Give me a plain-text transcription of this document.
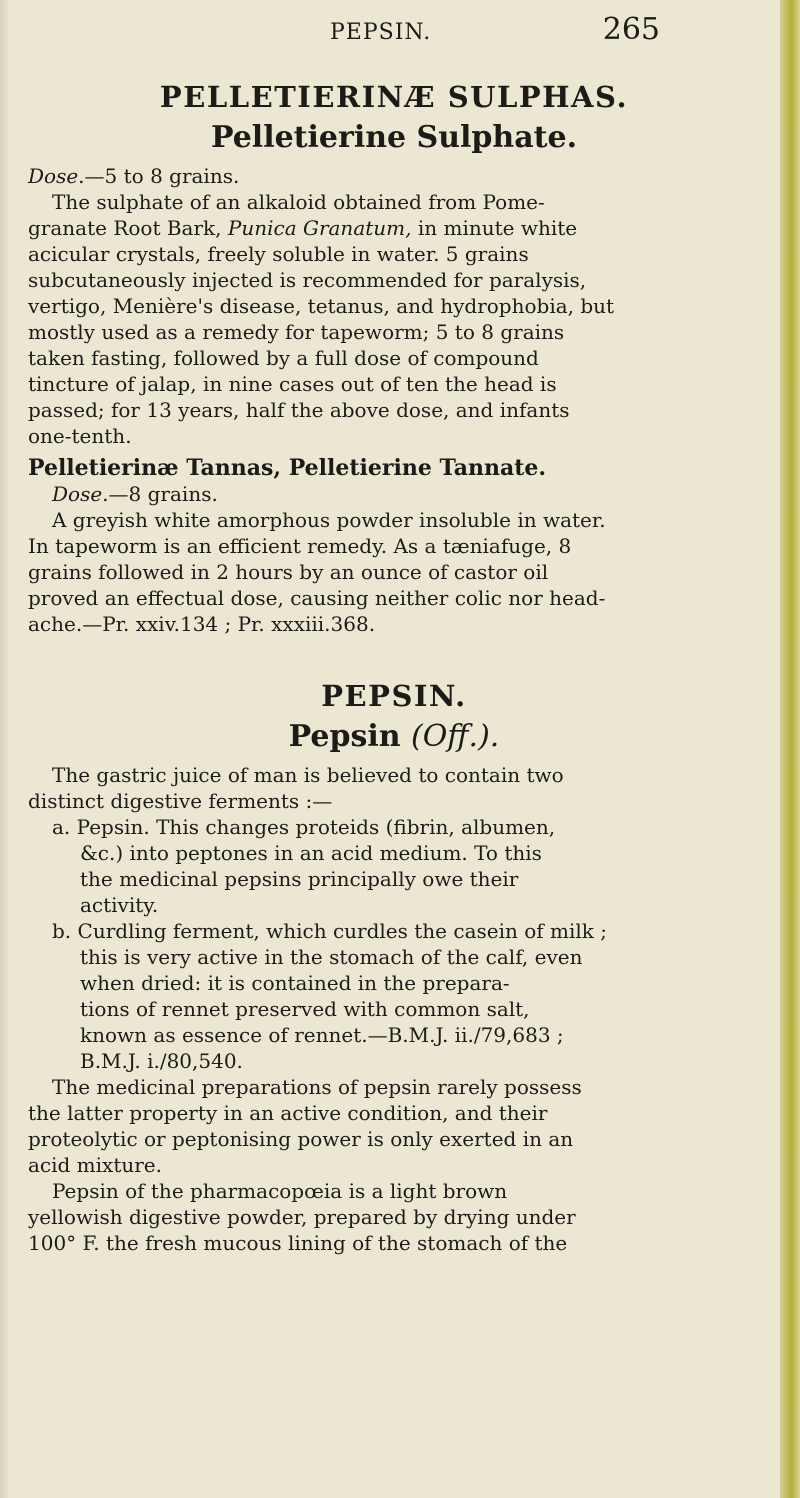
PEPSIN.	265
PELLETIERINÆ SULPHAS.
Pelletierine Sulphate.

Dose.—5 to 8 grains.

The sulphate of an alkaloid obtained from Pome-

granate Root Bark, Punica Granatum, in minute white

acicular crystals, freely soluble in water. 5 grains

subcutaneously injected is recommended for paralysis,

vertigo, Menière's disease, tetanus, and hydrophobia, but

mostly used as a remedy for tapeworm; 5 to 8 grains

taken fasting, followed by a full dose of compound

tincture of jalap, in nine cases out of ten the head is

passed; for 13 years, half the above dose, and infants

one-tenth.

Pelletierinæ Tannas, Pelletierine Tannate.

Dose.—8 grains.

A greyish white amorphous powder insoluble in water.

In tapeworm is an efficient remedy. As a tæniafuge, 8

grains followed in 2 hours by an ounce of castor oil

proved an effectual dose, causing neither colic nor head-

ache.—Pr. xxiv.134 ; Pr. xxxiii.368.

PEPSIN.
Pepsin (Off.).

The gastric juice of man is believed to contain two

distinct digestive ferments :—

a. Pepsin. This changes proteids (fibrin, albumen,

&c.) into peptones in an acid medium. To this

the medicinal pepsins principally owe their

activity.

b. Curdling ferment, which curdles the casein of milk ;

this is very active in the stomach of the calf, even

when dried: it is contained in the prepara-

tions of rennet preserved with common salt,

known as essence of rennet.—B.M.J. ii./79,683 ;

B.M.J. i./80,540.

The medicinal preparations of pepsin rarely possess

the latter property in an active condition, and their

proteolytic or peptonising power is only exerted in an

acid mixture.

Pepsin of the pharmacopœia is a light brown

yellowish digestive powder, prepared by drying under

100° F. the fresh mucous lining of the stomach of the
